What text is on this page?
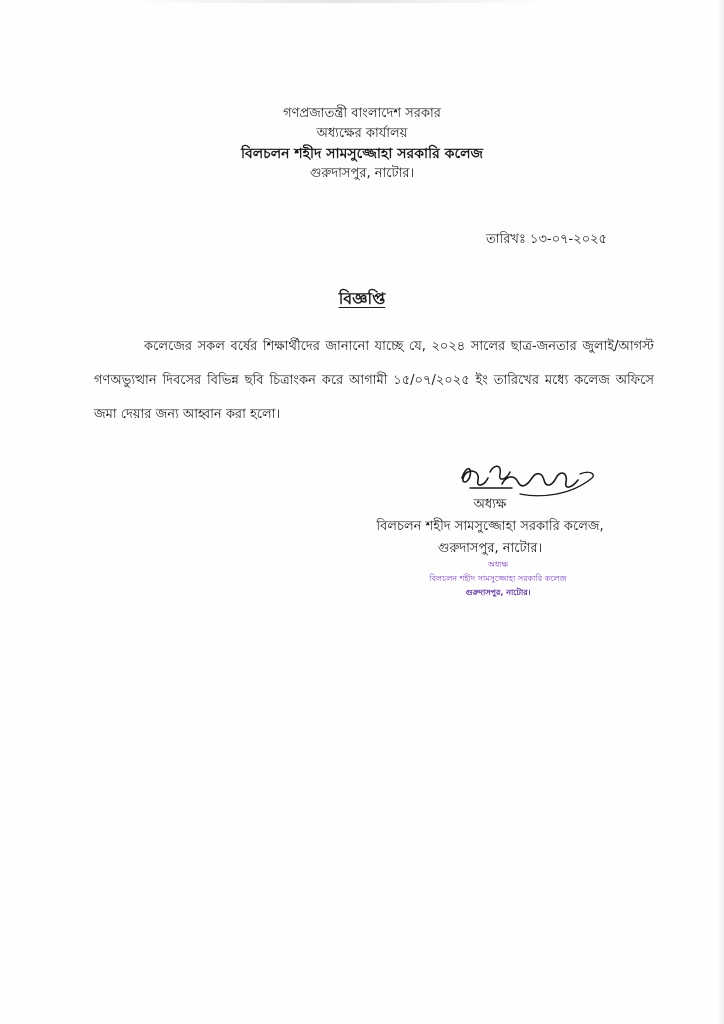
গণপ্রজাতন্ত্রী বাংলাদেশ সরকার
অধ্যক্ষের কার্যালয়
বিলচলন শহীদ সামসুজ্জোহা সরকারি কলেজ
গুরুদাসপুর, নাটোর।
তারিখঃ ১৩-০৭-২০২৫
বিজ্ঞপ্তি
কলেজের সকল বর্ষের শিক্ষার্থীদের জানানো যাচ্ছে যে, ২০২৪ সালের ছাত্র-জনতার জুলাই/আগস্ট গণঅভ্যুত্থান দিবসের বিভিন্ন ছবি চিত্রাংকন করে আগামী ১৫/০৭/২০২৫ ইং তারিখের মধ্যে কলেজ অফিসে জমা দেয়ার জন্য আহ্বান করা হলো।
অধ্যক্ষ
বিলচলন শহীদ সামসুজ্জোহা সরকারি কলেজ,
গুরুদাসপুর, নাটোর।
অধ্যক্ষ
বিলচলন শহীদ সামসুজ্জোহা সরকারি কলেজ
গুরুদাসপুর, নাটোর।
